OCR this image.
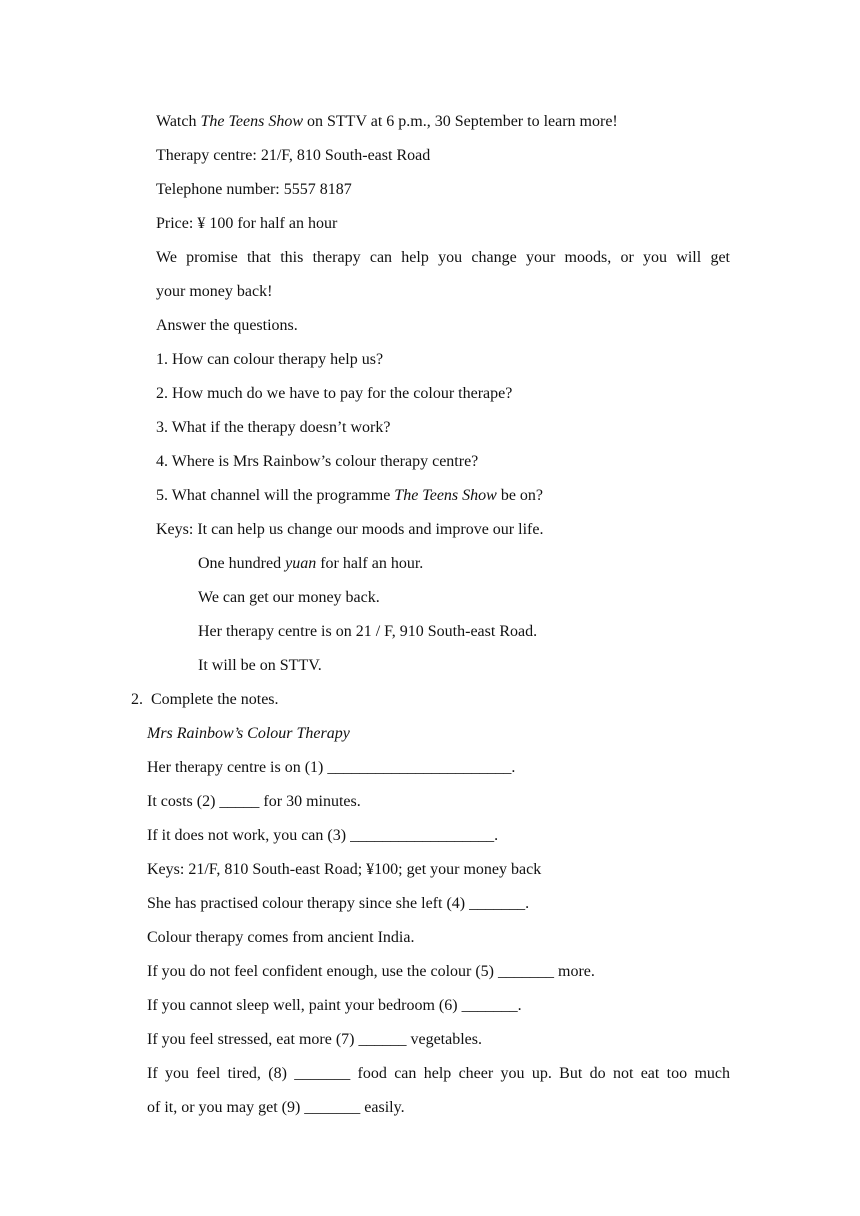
Watch The Teens Show on STTV at 6 p.m., 30 September to learn more!
Therapy centre: 21/F, 810 South-east Road
Telephone number: 5557 8187
Price: ¥ 100 for half an hour
We promise that this therapy can help you change your moods, or you will get
your money back!
Answer the questions.
1. How can colour therapy help us?
2. How much do we have to pay for the colour therape?
3. What if the therapy doesn’t work?
4. Where is Mrs Rainbow’s colour therapy centre?
5. What channel will the programme The Teens Show be on?
Keys: It can help us change our moods and improve our life.
One hundred yuan for half an hour.
We can get our money back.
Her therapy centre is on 21 / F, 910 South-east Road.
It will be on STTV.
2. Complete the notes.
Mrs Rainbow’s Colour Therapy
Her therapy centre is on (1) _______________________.
It costs (2) _____ for 30 minutes.
If it does not work, you can (3) __________________.
Keys: 21/F, 810 South-east Road; ¥100; get your money back
She has practised colour therapy since she left (4) _______.
Colour therapy comes from ancient India.
If you do not feel confident enough, use the colour (5) _______ more.
If you cannot sleep well, paint your bedroom (6) _______.
If you feel stressed, eat more (7) ______ vegetables.
If you feel tired, (8) _______ food can help cheer you up. But do not eat too much
of it, or you may get (9) _______ easily.
